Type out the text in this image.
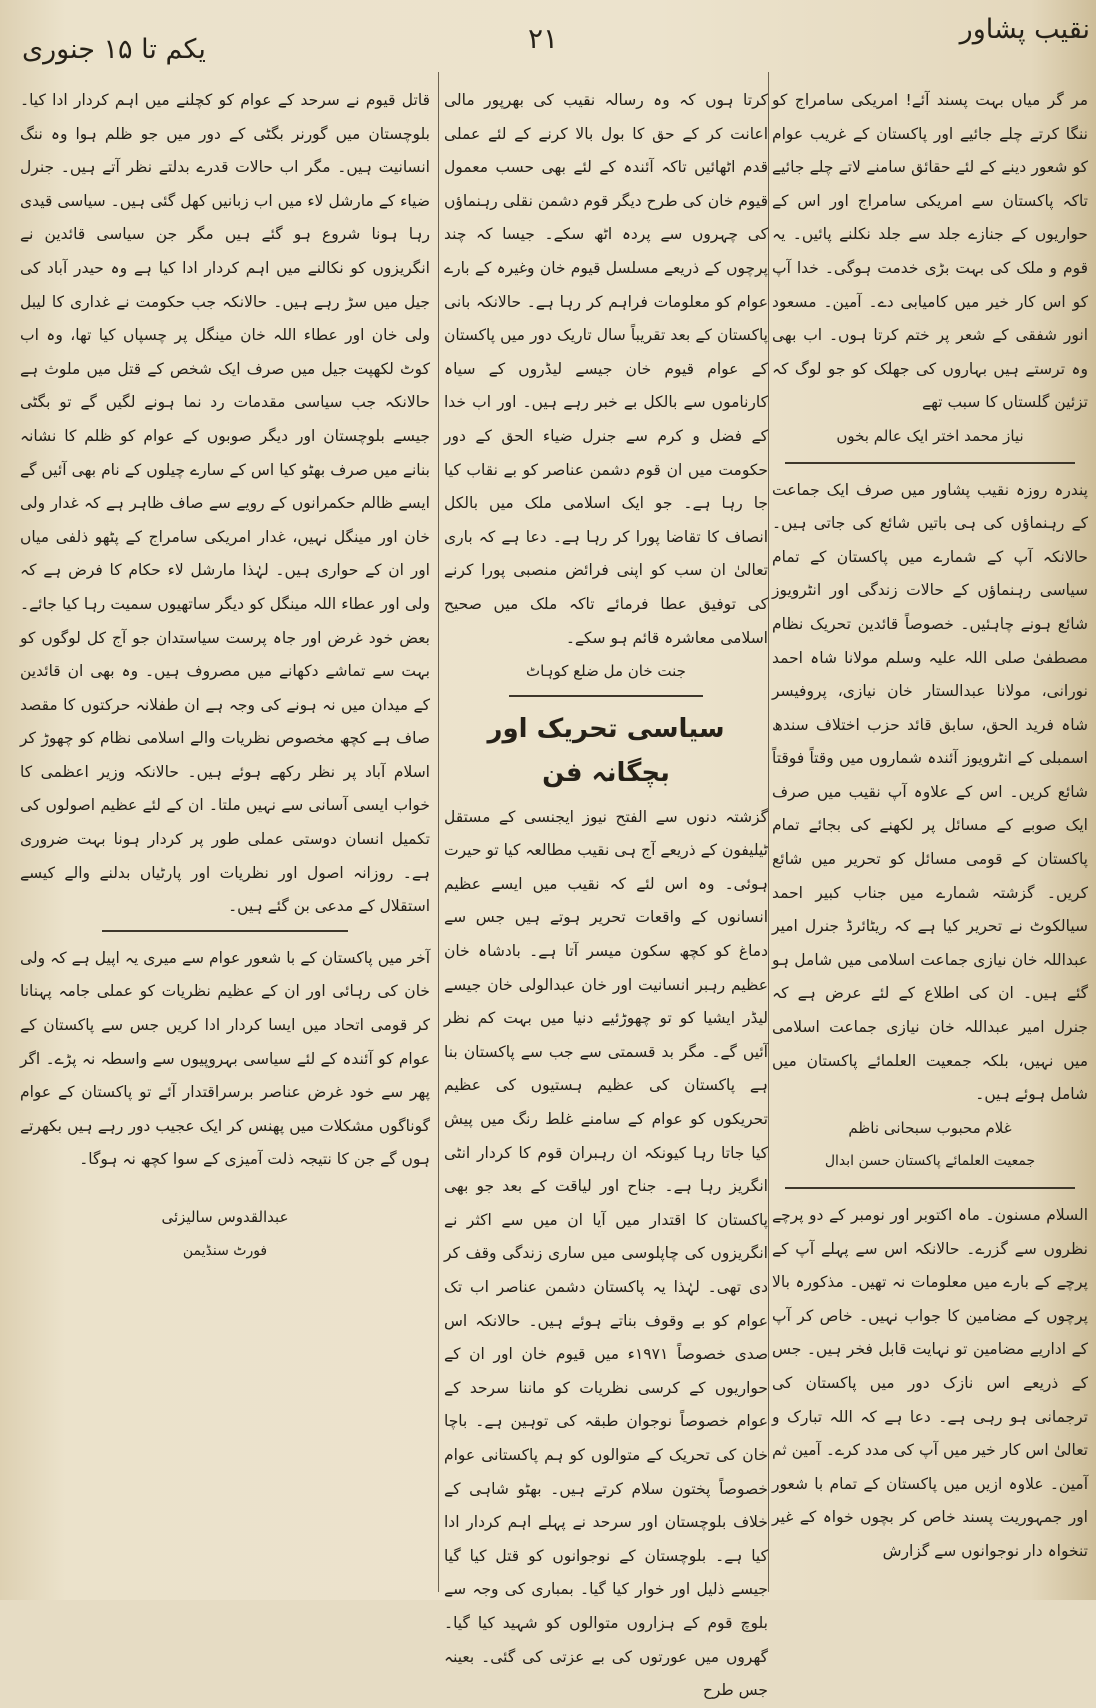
نقیب پشاور
۲۱
یکم تا ۱۵ جنوری

مر گر میاں بہت پسند آئے! امریکی سامراج کو ننگا کرتے چلے جائیے اور پاکستان کے غریب عوام کو شعور دینے کے لئے حقائق سامنے لاتے چلے جائیے تاکہ پاکستان سے امریکی سامراج اور اس کے حواریوں کے جنازے جلد سے جلد نکلنے پائیں۔ یہ قوم و ملک کی بہت بڑی خدمت ہوگی۔ خدا آپ کو اس کار خیر میں کامیابی دے۔ آمین۔ مسعود انور شفقی کے شعر پر ختم کرتا ہوں۔ اب بھی وہ ترستے ہیں بہاروں کی جھلک کو جو لوگ کہ تزئین گلستاں کا سبب تھے

نیاز محمد اختر ایک عالم بخوں

پندرہ روزہ نقیب پشاور میں صرف ایک جماعت کے رہنماؤں کی ہی باتیں شائع کی جاتی ہیں۔ حالانکہ آپ کے شمارے میں پاکستان کے تمام سیاسی رہنماؤں کے حالات زندگی اور انٹرویوز شائع ہونے چاہئیں۔ خصوصاً قائدین تحریک نظام مصطفیٰ صلی اللہ علیہ وسلم مولانا شاہ احمد نورانی، مولانا عبدالستار خان نیازی، پروفیسر شاہ فرید الحق، سابق قائد حزب اختلاف سندھ اسمبلی کے انٹرویوز آئندہ شماروں میں وقتاً فوقتاً شائع کریں۔ اس کے علاوہ آپ نقیب میں صرف ایک صوبے کے مسائل پر لکھنے کی بجائے تمام پاکستان کے قومی مسائل کو تحریر میں شائع کریں۔ گزشتہ شمارے میں جناب کبیر احمد سیالکوٹ نے تحریر کیا ہے کہ ریٹائرڈ جنرل امیر عبداللہ خان نیازی جماعت اسلامی میں شامل ہو گئے ہیں۔ ان کی اطلاع کے لئے عرض ہے کہ جنرل امیر عبداللہ خان نیازی جماعت اسلامی میں نہیں، بلکہ جمعیت العلمائے پاکستان میں شامل ہوئے ہیں۔

غلام محبوب سبحانی ناظم

جمعیت العلمائے پاکستان حسن ابدال

السلام مسنون۔ ماہ اکتوبر اور نومبر کے دو پرچے نظروں سے گزرے۔ حالانکہ اس سے پہلے آپ کے پرچے کے بارے میں معلومات نہ تھیں۔ مذکورہ بالا پرچوں کے مضامین کا جواب نہیں۔ خاص کر آپ کے اداریے مضامین تو نہایت قابل فخر ہیں۔ جس کے ذریعے اس نازک دور میں پاکستان کی ترجمانی ہو رہی ہے۔ دعا ہے کہ اللہ تبارک و تعالیٰ اس کار خیر میں آپ کی مدد کرے۔ آمین ثم آمین۔ علاوہ ازیں میں پاکستان کے تمام با شعور اور جمہوریت پسند خاص کر بچوں خواہ کے غیر تنخواہ دار نوجوانوں سے گزارش

کرتا ہوں کہ وہ رسالہ نقیب کی بھرپور مالی اعانت کر کے حق کا بول بالا کرنے کے لئے عملی قدم اٹھائیں تاکہ آئندہ کے لئے بھی حسب معمول قیوم خان کی طرح دیگر قوم دشمن نقلی رہنماؤں کی چہروں سے پردہ اٹھ سکے۔ جیسا کہ چند پرچوں کے ذریعے مسلسل قیوم خان وغیرہ کے بارے عوام کو معلومات فراہم کر رہا ہے۔ حالانکہ بانی پاکستان کے بعد تقریباً سال تاریک دور میں پاکستان کے عوام قیوم خان جیسے لیڈروں کے سیاہ کارناموں سے بالکل بے خبر رہے ہیں۔ اور اب خدا کے فضل و کرم سے جنرل ضیاء الحق کے دور حکومت میں ان قوم دشمن عناصر کو بے نقاب کیا جا رہا ہے۔ جو ایک اسلامی ملک میں بالکل انصاف کا تقاضا پورا کر رہا ہے۔ دعا ہے کہ باری تعالیٰ ان سب کو اپنی فرائض منصبی پورا کرنے کی توفیق عطا فرمائے تاکہ ملک میں صحیح اسلامی معاشرہ قائم ہو سکے۔

جنت خان مل ضلع کوہاٹ

سیاسی تحریک اور بچگانہ فن

گزشتہ دنوں سے الفتح نیوز ایجنسی کے مستقل ٹیلیفون کے ذریعے آج ہی نقیب مطالعہ کیا تو حیرت ہوئی۔ وہ اس لئے کہ نقیب میں ایسے عظیم انسانوں کے واقعات تحریر ہوتے ہیں جس سے دماغ کو کچھ سکون میسر آتا ہے۔ بادشاہ خان عظیم رہبر انسانیت اور خان عبدالولی خان جیسے لیڈر ایشیا کو تو چھوڑئیے دنیا میں بہت کم نظر آئیں گے۔ مگر بد قسمتی سے جب سے پاکستان بنا ہے پاکستان کی عظیم ہستیوں کی عظیم تحریکوں کو عوام کے سامنے غلط رنگ میں پیش کیا جاتا رہا کیونکہ ان رہبران قوم کا کردار انٹی انگریز رہا ہے۔ جناح اور لیاقت کے بعد جو بھی پاکستان کا اقتدار میں آیا ان میں سے اکثر نے انگریزوں کی چاپلوسی میں ساری زندگی وقف کر دی تھی۔ لہٰذا یہ پاکستان دشمن عناصر اب تک عوام کو بے وقوف بناتے ہوئے ہیں۔ حالانکہ اس صدی خصوصاً ۱۹۷۱ء میں قیوم خان اور ان کے حواریوں کے کرسی نظریات کو ماننا سرحد کے عوام خصوصاً نوجوان طبقہ کی توہین ہے۔ باچا خان کی تحریک کے متوالوں کو ہم پاکستانی عوام خصوصاً پختون سلام کرتے ہیں۔ بھٹو شاہی کے خلاف بلوچستان اور سرحد نے پہلے اہم کردار ادا کیا ہے۔ بلوچستان کے نوجوانوں کو قتل کیا گیا جیسے ذلیل اور خوار کیا گیا۔ بمباری کی وجہ سے بلوچ قوم کے ہزاروں متوالوں کو شہید کیا گیا۔ گھروں میں عورتوں کی بے عزتی کی گئی۔ بعینہ جس طرح

قاتل قیوم نے سرحد کے عوام کو کچلنے میں اہم کردار ادا کیا۔ بلوچستان میں گورنر بگٹی کے دور میں جو ظلم ہوا وہ ننگ انسانیت ہیں۔ مگر اب حالات قدرے بدلتے نظر آتے ہیں۔ جنرل ضیاء کے مارشل لاء میں اب زبانیں کھل گئی ہیں۔ سیاسی قیدی رہا ہونا شروع ہو گئے ہیں مگر جن سیاسی قائدین نے انگریزوں کو نکالنے میں اہم کردار ادا کیا ہے وہ حیدر آباد کی جیل میں سڑ رہے ہیں۔ حالانکہ جب حکومت نے غداری کا لیبل ولی خان اور عطاء اللہ خان مینگل پر چسپاں کیا تھا، وہ اب کوٹ لکھپت جیل میں صرف ایک شخص کے قتل میں ملوث ہے حالانکہ جب سیاسی مقدمات رد نما ہونے لگیں گے تو بگٹی جیسے بلوچستان اور دیگر صوبوں کے عوام کو ظلم کا نشانہ بنانے میں صرف بھٹو کیا اس کے سارے چیلوں کے نام بھی آئیں گے ایسے ظالم حکمرانوں کے رویے سے صاف ظاہر ہے کہ غدار ولی خان اور مینگل نہیں، غدار امریکی سامراج کے پٹھو ذلفی میاں اور ان کے حواری ہیں۔ لہٰذا مارشل لاء حکام کا فرض ہے کہ ولی اور عطاء اللہ مینگل کو دیگر ساتھیوں سمیت رہا کیا جائے۔ بعض خود غرض اور جاہ پرست سیاستدان جو آج کل لوگوں کو بہت سے تماشے دکھانے میں مصروف ہیں۔ وہ بھی ان قائدین کے میدان میں نہ ہونے کی وجہ ہے ان طفلانہ حرکتوں کا مقصد صاف ہے کچھ مخصوص نظریات والے اسلامی نظام کو چھوڑ کر اسلام آباد پر نظر رکھے ہوئے ہیں۔ حالانکہ وزیر اعظمی کا خواب ایسی آسانی سے نہیں ملتا۔ ان کے لئے عظیم اصولوں کی تکمیل انسان دوستی عملی طور پر کردار ہونا بہت ضروری ہے۔ روزانہ اصول اور نظریات اور پارٹیاں بدلنے والے کیسے استقلال کے مدعی بن گئے ہیں۔

آخر میں پاکستان کے با شعور عوام سے میری یہ اپیل ہے کہ ولی خان کی رہائی اور ان کے عظیم نظریات کو عملی جامہ پہنانا کر قومی اتحاد میں ایسا کردار ادا کریں جس سے پاکستان کے عوام کو آئندہ کے لئے سیاسی بہروپیوں سے واسطہ نہ پڑے۔ اگر پھر سے خود غرض عناصر برسراقتدار آئے تو پاکستان کے عوام گوناگوں مشکلات میں پھنس کر ایک عجیب دور رہے ہیں بکھرتے ہوں گے جن کا نتیجہ ذلت آمیزی کے سوا کچھ نہ ہوگا۔

عبدالقدوس سالیزئی

فورٹ سنڈیمن
